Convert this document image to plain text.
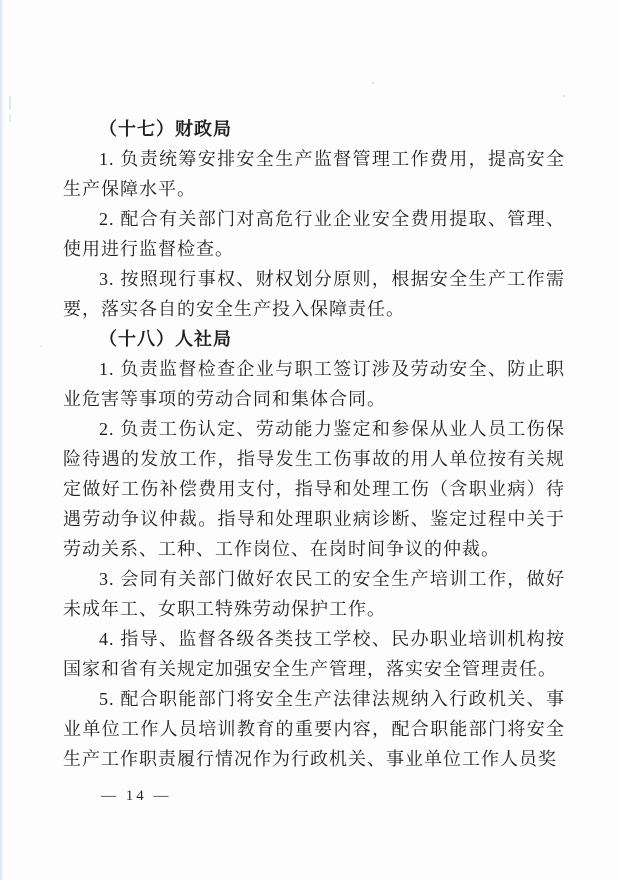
（十七）财政局

1. 负责统筹安排安全生产监督管理工作费用，提高安全生产保障水平。

2. 配合有关部门对高危行业企业安全费用提取、管理、使用进行监督检查。

3. 按照现行事权、财权划分原则，根据安全生产工作需要，落实各自的安全生产投入保障责任。

（十八）人社局

1. 负责监督检查企业与职工签订涉及劳动安全、防止职业危害等事项的劳动合同和集体合同。

2. 负责工伤认定、劳动能力鉴定和参保从业人员工伤保险待遇的发放工作，指导发生工伤事故的用人单位按有关规定做好工伤补偿费用支付，指导和处理工伤（含职业病）待遇劳动争议仲裁。指导和处理职业病诊断、鉴定过程中关于劳动关系、工种、工作岗位、在岗时间争议的仲裁。

3. 会同有关部门做好农民工的安全生产培训工作，做好未成年工、女职工特殊劳动保护工作。

4. 指导、监督各级各类技工学校、民办职业培训机构按国家和省有关规定加强安全生产管理，落实安全管理责任。

5. 配合职能部门将安全生产法律法规纳入行政机关、事业单位工作人员培训教育的重要内容，配合职能部门将安全生产工作职责履行情况作为行政机关、事业单位工作人员奖

— 14 —
